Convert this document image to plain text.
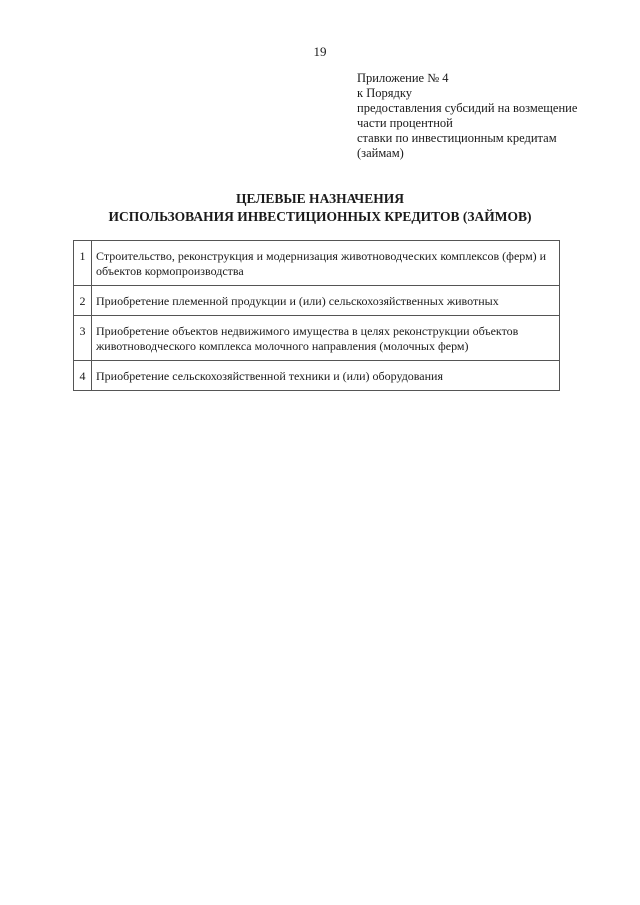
19
Приложение № 4
к Порядку
предоставления субсидий на возмещение
части процентной
ставки по инвестиционным кредитам
(займам)
ЦЕЛЕВЫЕ НАЗНАЧЕНИЯ
ИСПОЛЬЗОВАНИЯ ИНВЕСТИЦИОННЫХ КРЕДИТОВ (ЗАЙМОВ)
1	Строительство, реконструкция и модернизация животноводческих комплексов (ферм) и объектов кормопроизводства
2	Приобретение племенной продукции и (или) сельскохозяйственных животных
3	Приобретение объектов недвижимого имущества в целях реконструкции объектов животноводческого комплекса молочного направления (молочных ферм)
4	Приобретение сельскохозяйственной техники и (или) оборудования
